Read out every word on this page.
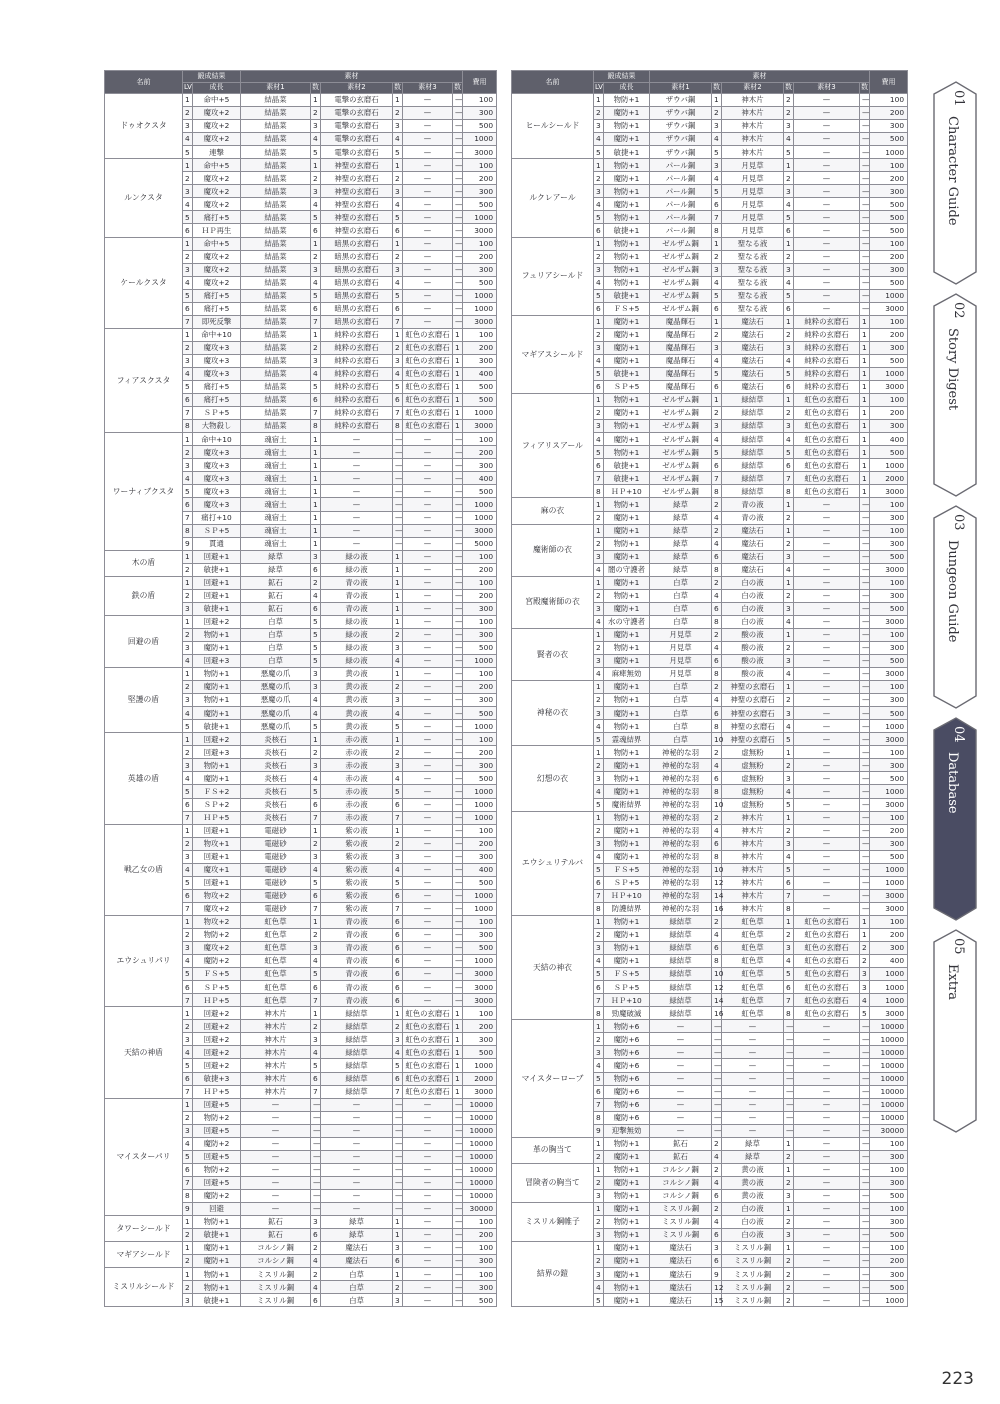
名前	鍛成結果		素材						費用
	LV	成長	素材1	数	素材2	数	素材3	数	
ドゥオクスタ	1	命中+5	結晶菜	1	電撃の玄磨石	1	—	—	100
	2	魔攻+2	結晶菜	2	電撃の玄磨石	2	—	—	300
	3	魔攻+2	結晶菜	3	電撃の玄磨石	3	—	—	500
	4	魔攻+2	結晶菜	4	電撃の玄磨石	4	—	—	1000
	5	連撃	結晶菜	5	電撃の玄磨石	5	—	—	3000
ルンクスタ	1	命中+5	結晶菜	1	神聖の玄磨石	1	—	—	100
	2	魔攻+2	結晶菜	2	神聖の玄磨石	2	—	—	200
	3	魔攻+2	結晶菜	3	神聖の玄磨石	3	—	—	300
	4	魔攻+2	結晶菜	4	神聖の玄磨石	4	—	—	500
	5	痛打+5	結晶菜	5	神聖の玄磨石	5	—	—	1000
	6	ＨＰ再生	結晶菜	6	神聖の玄磨石	6	—	—	3000
ケールクスタ	1	命中+5	結晶菜	1	暗黒の玄磨石	1	—	—	100
	2	魔攻+2	結晶菜	2	暗黒の玄磨石	2	—	—	200
	3	魔攻+2	結晶菜	3	暗黒の玄磨石	3	—	—	300
	4	魔攻+2	結晶菜	4	暗黒の玄磨石	4	—	—	500
	5	痛打+5	結晶菜	5	暗黒の玄磨石	5	—	—	1000
	6	痛打+5	結晶菜	6	暗黒の玄磨石	6	—	—	1000
	7	即死反撃	結晶菜	7	暗黒の玄磨石	7	—	—	3000
フィアスクスタ	1	命中+10	結晶菜	1	純粋の玄磨石	1	虹色の玄磨石	1	100
	2	魔攻+3	結晶菜	2	純粋の玄磨石	2	虹色の玄磨石	1	200
	3	魔攻+3	結晶菜	3	純粋の玄磨石	3	虹色の玄磨石	1	300
	4	魔攻+3	結晶菜	4	純粋の玄磨石	4	虹色の玄磨石	1	400
	5	痛打+5	結晶菜	5	純粋の玄磨石	5	虹色の玄磨石	1	500
	6	痛打+5	結晶菜	6	純粋の玄磨石	6	虹色の玄磨石	1	500
	7	ＳＰ+5	結晶菜	7	純粋の玄磨石	7	虹色の玄磨石	1	1000
	8	大物殺し	結晶菜	8	純粋の玄磨石	8	虹色の玄磨石	1	3000
ワーナィブクスタ	1	命中+10	魂宿土	1	—	—	—	—	100
	2	魔攻+3	魂宿土	1	—	—	—	—	200
	3	魔攻+3	魂宿土	1	—	—	—	—	300
	4	魔攻+3	魂宿土	1	—	—	—	—	400
	5	魔攻+3	魂宿土	1	—	—	—	—	500
	6	魔攻+3	魂宿土	1	—	—	—	—	1000
	7	痛打+10	魂宿土	1	—	—	—	—	1000
	8	ＳＰ+5	魂宿土	1	—	—	—	—	3000
	9	貫通	魂宿土	1	—	—	—	—	5000
木の盾	1	回避+1	緑草	3	緑の液	1	—	—	100
	2	敏捷+1	緑草	6	緑の液	1	—	—	200
鉄の盾	1	回避+1	鉱石	2	青の液	1	—	—	100
	2	回避+1	鉱石	4	青の液	1	—	—	200
	3	敏捷+1	鉱石	6	青の液	1	—	—	300
回避の盾	1	回避+2	白草	5	緑の液	1	—	—	100
	2	物防+1	白草	5	緑の液	2	—	—	300
	3	魔防+1	白草	5	緑の液	3	—	—	500
	4	回避+3	白草	5	緑の液	4	—	—	1000
堅護の盾	1	物防+1	悪魔の爪	3	黄の液	1	—	—	100
	2	魔防+1	悪魔の爪	3	黄の液	2	—	—	200
	3	物防+1	悪魔の爪	4	黄の液	3	—	—	300
	4	魔防+1	悪魔の爪	4	黄の液	4	—	—	500
	5	敏捷+1	悪魔の爪	5	黄の液	5	—	—	1000
英雄の盾	1	回避+2	炎核石	1	赤の液	1	—	—	100
	2	回避+3	炎核石	2	赤の液	2	—	—	200
	3	物防+1	炎核石	3	赤の液	3	—	—	300
	4	魔防+1	炎核石	4	赤の液	4	—	—	500
	5	ＦＳ+2	炎核石	5	赤の液	5	—	—	1000
	6	ＳＰ+2	炎核石	6	赤の液	6	—	—	1000
	7	ＨＰ+5	炎核石	7	赤の液	7	—	—	1000
戦乙女の盾	1	回避+1	電磁砂	1	紫の液	1	—	—	100
	2	物攻+1	電磁砂	2	紫の液	2	—	—	200
	3	回避+1	電磁砂	3	紫の液	3	—	—	300
	4	魔攻+1	電磁砂	4	紫の液	4	—	—	400
	5	回避+1	電磁砂	5	紫の液	5	—	—	500
	6	物攻+2	電磁砂	6	紫の液	6	—	—	1000
	7	魔攻+2	電磁砂	7	紫の液	7	—	—	1000
エウシュリパリ	1	物攻+2	虹色草	1	青の液	6	—	—	100
	2	物防+2	虹色草	2	青の液	6	—	—	300
	3	魔攻+2	虹色草	3	青の液	6	—	—	500
	4	魔防+2	虹色草	4	青の液	6	—	—	1000
	5	ＦＳ+5	虹色草	5	青の液	6	—	—	3000
	6	ＳＰ+5	虹色草	6	青の液	6	—	—	3000
	7	ＨＰ+5	虹色草	7	青の液	6	—	—	3000
天結の神盾	1	回避+2	神木片	1	緑結草	1	虹色の玄磨石	1	100
	2	回避+2	神木片	2	緑結草	2	虹色の玄磨石	1	200
	3	回避+2	神木片	3	緑結草	3	虹色の玄磨石	1	300
	4	回避+2	神木片	4	緑結草	4	虹色の玄磨石	1	500
	5	回避+2	神木片	5	緑結草	5	虹色の玄磨石	1	1000
	6	敏捷+3	神木片	6	緑結草	6	虹色の玄磨石	1	2000
	7	ＨＰ+5	神木片	7	緑結草	7	虹色の玄磨石	1	3000
マイスターパリ	1	回避+5	—	—	—	—	—	—	10000
	2	物防+2	—	—	—	—	—	—	10000
	3	回避+5	—	—	—	—	—	—	10000
	4	魔防+2	—	—	—	—	—	—	10000
	5	回避+5	—	—	—	—	—	—	10000
	6	物防+2	—	—	—	—	—	—	10000
	7	回避+5	—	—	—	—	—	—	10000
	8	魔防+2	—	—	—	—	—	—	10000
	9	回避	—	—	—	—	—	—	30000
タワーシールド	1	物防+1	鉱石	3	緑草	1	—	—	100
	2	敏捷+1	鉱石	6	緑草	1	—	—	200
マギアシールド	1	魔防+1	コルシノ鋼	2	魔法石	3	—	—	100
	2	魔防+1	コルシノ鋼	4	魔法石	6	—	—	300
ミスリルシールド	1	物防+1	ミスリル鋼	2	白草	1	—	—	100
	2	物防+1	ミスリル鋼	4	白草	2	—	—	300
	3	敏捷+1	ミスリル鋼	6	白草	3	—	—	500
名前	鍛成結果		素材						費用
	LV	成長	素材1	数	素材2	数	素材3	数	
ヒールシールド	1	物防+1	ザウバ鋼	1	神木片	2	—	—	100
	2	魔防+1	ザウバ鋼	2	神木片	2	—	—	200
	3	物防+1	ザウバ鋼	3	神木片	3	—	—	300
	4	魔防+1	ザウバ鋼	4	神木片	4	—	—	500
	5	敏捷+1	ザウバ鋼	5	神木片	5	—	—	1000
ルクレアール	1	物防+1	パール鋼	3	月見草	1	—	—	100
	2	魔防+1	パール鋼	4	月見草	2	—	—	200
	3	物防+1	パール鋼	5	月見草	3	—	—	300
	4	魔防+1	パール鋼	6	月見草	4	—	—	500
	5	物防+1	パール鋼	7	月見草	5	—	—	500
	6	敏捷+1	パール鋼	8	月見草	6	—	—	500
フュリアシールド	1	物防+1	ゼルザム鋼	1	聖なる液	1	—	—	100
	2	物防+1	ゼルザム鋼	2	聖なる液	2	—	—	200
	3	物防+1	ゼルザム鋼	3	聖なる液	3	—	—	300
	4	物防+1	ゼルザム鋼	4	聖なる液	4	—	—	500
	5	敏捷+1	ゼルザム鋼	5	聖なる液	5	—	—	1000
	6	ＦＳ+5	ゼルザム鋼	6	聖なる液	6	—	—	3000
マギアスシールド	1	魔防+1	魔晶輝石	1	魔法石	1	純粋の玄磨石	1	100
	2	魔防+1	魔晶輝石	2	魔法石	2	純粋の玄磨石	1	200
	3	魔防+1	魔晶輝石	3	魔法石	3	純粋の玄磨石	1	300
	4	魔防+1	魔晶輝石	4	魔法石	4	純粋の玄磨石	1	500
	5	敏捷+1	魔晶輝石	5	魔法石	5	純粋の玄磨石	1	1000
	6	ＳＰ+5	魔晶輝石	6	魔法石	6	純粋の玄磨石	1	3000
フィアリスアール	1	物防+1	ゼルザム鋼	1	緑結草	1	虹色の玄磨石	1	100
	2	魔防+1	ゼルザム鋼	2	緑結草	2	虹色の玄磨石	1	200
	3	物防+1	ゼルザム鋼	3	緑結草	3	虹色の玄磨石	1	300
	4	魔防+1	ゼルザム鋼	4	緑結草	4	虹色の玄磨石	1	400
	5	物防+1	ゼルザム鋼	5	緑結草	5	虹色の玄磨石	1	500
	6	敏捷+1	ゼルザム鋼	6	緑結草	6	虹色の玄磨石	1	1000
	7	敏捷+1	ゼルザム鋼	7	緑結草	7	虹色の玄磨石	1	2000
	8	ＨＰ+10	ゼルザム鋼	8	緑結草	8	虹色の玄磨石	1	3000
麻の衣	1	物防+1	緑草	2	青の液	1	—	—	100
	2	魔防+1	緑草	4	青の液	2	—	—	300
魔術師の衣	1	魔防+1	緑草	2	魔法石	1	—	—	100
	2	物防+1	緑草	4	魔法石	2	—	—	300
	3	魔防+1	緑草	6	魔法石	3	—	—	500
	4	闇の守護者	緑草	8	魔法石	4	—	—	3000
宮殿魔術師の衣	1	魔防+1	白草	2	白の液	1	—	—	100
	2	物防+1	白草	4	白の液	2	—	—	300
	3	魔防+1	白草	6	白の液	3	—	—	500
	4	水の守護者	白草	8	白の液	4	—	—	3000
賢者の衣	1	魔防+1	月見草	2	酸の液	1	—	—	100
	2	物防+1	月見草	4	酸の液	2	—	—	300
	3	魔防+1	月見草	6	酸の液	3	—	—	500
	4	麻痺無効	月見草	8	酸の液	4	—	—	3000
神秘の衣	1	魔防+1	白草	2	神聖の玄磨石	1	—	—	100
	2	物防+1	白草	4	神聖の玄磨石	2	—	—	300
	3	魔防+1	白草	6	神聖の玄磨石	3	—	—	500
	4	物防+1	白草	8	神聖の玄磨石	4	—	—	1000
	5	霊魂結界	白草	10	神聖の玄磨石	5	—	—	3000
幻想の衣	1	物防+1	神秘的な羽	2	虚無粉	1	—	—	100
	2	魔防+1	神秘的な羽	4	虚無粉	2	—	—	300
	3	物防+1	神秘的な羽	6	虚無粉	3	—	—	500
	4	魔防+1	神秘的な羽	8	虚無粉	4	—	—	1000
	5	魔術結界	神秘的な羽	10	虚無粉	5	—	—	3000
エウシュリテルバ	1	物防+1	神秘的な羽	2	神木片	1	—	—	100
	2	魔防+1	神秘的な羽	4	神木片	2	—	—	200
	3	物防+1	神秘的な羽	6	神木片	3	—	—	300
	4	魔防+1	神秘的な羽	8	神木片	4	—	—	500
	5	ＦＳ+5	神秘的な羽	10	神木片	5	—	—	1000
	6	ＳＰ+5	神秘的な羽	12	神木片	6	—	—	1000
	7	ＨＰ+10	神秘的な羽	14	神木片	7	—	—	3000
	8	防護結界	神秘的な羽	16	神木片	8	—	—	3000
天結の神衣	1	物防+1	緑結草	2	虹色草	1	虹色の玄磨石	1	100
	2	魔防+1	緑結草	4	虹色草	2	虹色の玄磨石	1	200
	3	物防+1	緑結草	6	虹色草	3	虹色の玄磨石	2	300
	4	魔防+1	緑結草	8	虹色草	4	虹色の玄磨石	2	400
	5	ＦＳ+5	緑結草	10	虹色草	5	虹色の玄磨石	3	1000
	6	ＳＰ+5	緑結草	12	虹色草	6	虹色の玄磨石	3	1000
	7	ＨＰ+10	緑結草	14	虹色草	7	虹色の玄磨石	4	1000
	8	勁魔破滅	緑結草	16	虹色草	8	虹色の玄磨石	5	3000
マイスターローブ	1	物防+6	—	—	—	—	—	—	10000
	2	魔防+6	—	—	—	—	—	—	10000
	3	物防+6	—	—	—	—	—	—	10000
	4	魔防+6	—	—	—	—	—	—	10000
	5	物防+6	—	—	—	—	—	—	10000
	6	魔防+6	—	—	—	—	—	—	10000
	7	物防+6	—	—	—	—	—	—	10000
	8	魔防+6	—	—	—	—	—	—	10000
	9	迎撃無効	—	—	—	—	—	—	30000
革の胸当て	1	物防+1	鉱石	2	緑草	1	—	—	100
	2	魔防+1	鉱石	4	緑草	2	—	—	300
冒険者の胸当て	1	物防+1	コルシノ鋼	2	黄の液	1	—	—	100
	2	魔防+1	コルシノ鋼	4	黄の液	2	—	—	300
	3	物防+1	コルシノ鋼	6	黄の液	3	—	—	500
ミスリル鋼帷子	1	魔防+1	ミスリル鋼	2	白の液	1	—	—	100
	2	物防+1	ミスリル鋼	4	白の液	2	—	—	300
	3	物防+1	ミスリル鋼	6	白の液	3	—	—	500
結界の鎧	1	魔防+1	魔法石	3	ミスリル鋼	1	—	—	100
	2	魔防+1	魔法石	6	ミスリル鋼	2	—	—	200
	3	魔防+1	魔法石	9	ミスリル鋼	2	—	—	300
	4	物防+1	魔法石	12	ミスリル鋼	2	—	—	500
	5	魔防+1	魔法石	15	ミスリル鋼	2	—	—	1000
01
Character Guide
02
Story Digest
03
Dungeon Guide
04
Database
05
Extra
223
